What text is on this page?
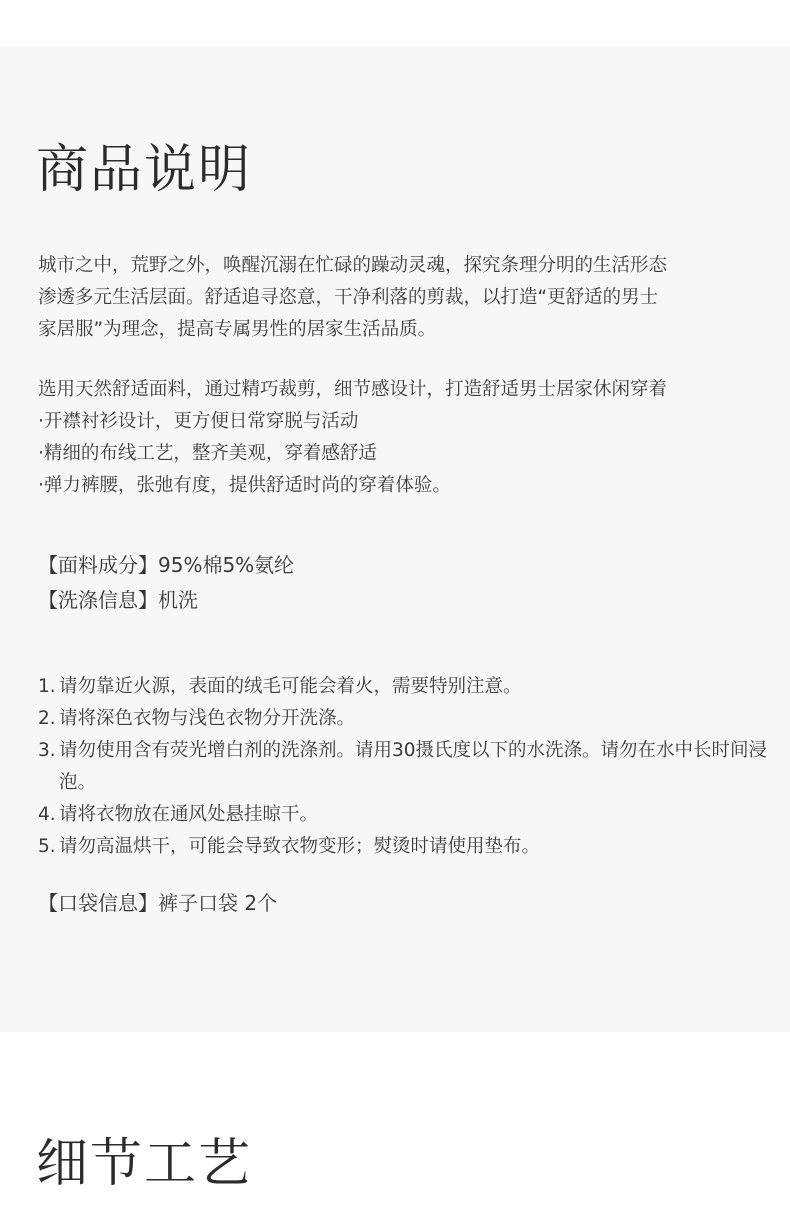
商品说明

城市之中，荒野之外，唤醒沉溺在忙碌的躁动灵魂，探究条理分明的生活形态

渗透多元生活层面。舒适追寻恣意，干净利落的剪裁，以打造“更舒适的男士

家居服”为理念，提高专属男性的居家生活品质。

选用天然舒适面料，通过精巧裁剪，细节感设计，打造舒适男士居家休闲穿着

·开襟衬衫设计，更方便日常穿脱与活动

·精细的布线工艺，整齐美观，穿着感舒适

·弹力裤腰，张弛有度，提供舒适时尚的穿着体验。

【面料成分】95%棉5%氨纶
【洗涤信息】机洗
1. 请勿靠近火源，表面的绒毛可能会着火，需要特别注意。
2. 请将深色衣物与浅色衣物分开洗涤。
3. 请勿使用含有荧光增白剂的洗涤剂。请用30摄氏度以下的水洗涤。请勿在水中长时间浸泡。
4. 请将衣物放在通风处悬挂晾干。
5. 请勿高温烘干，可能会导致衣物变形；熨烫时请使用垫布。
【口袋信息】裤子口袋 2个
细节工艺
